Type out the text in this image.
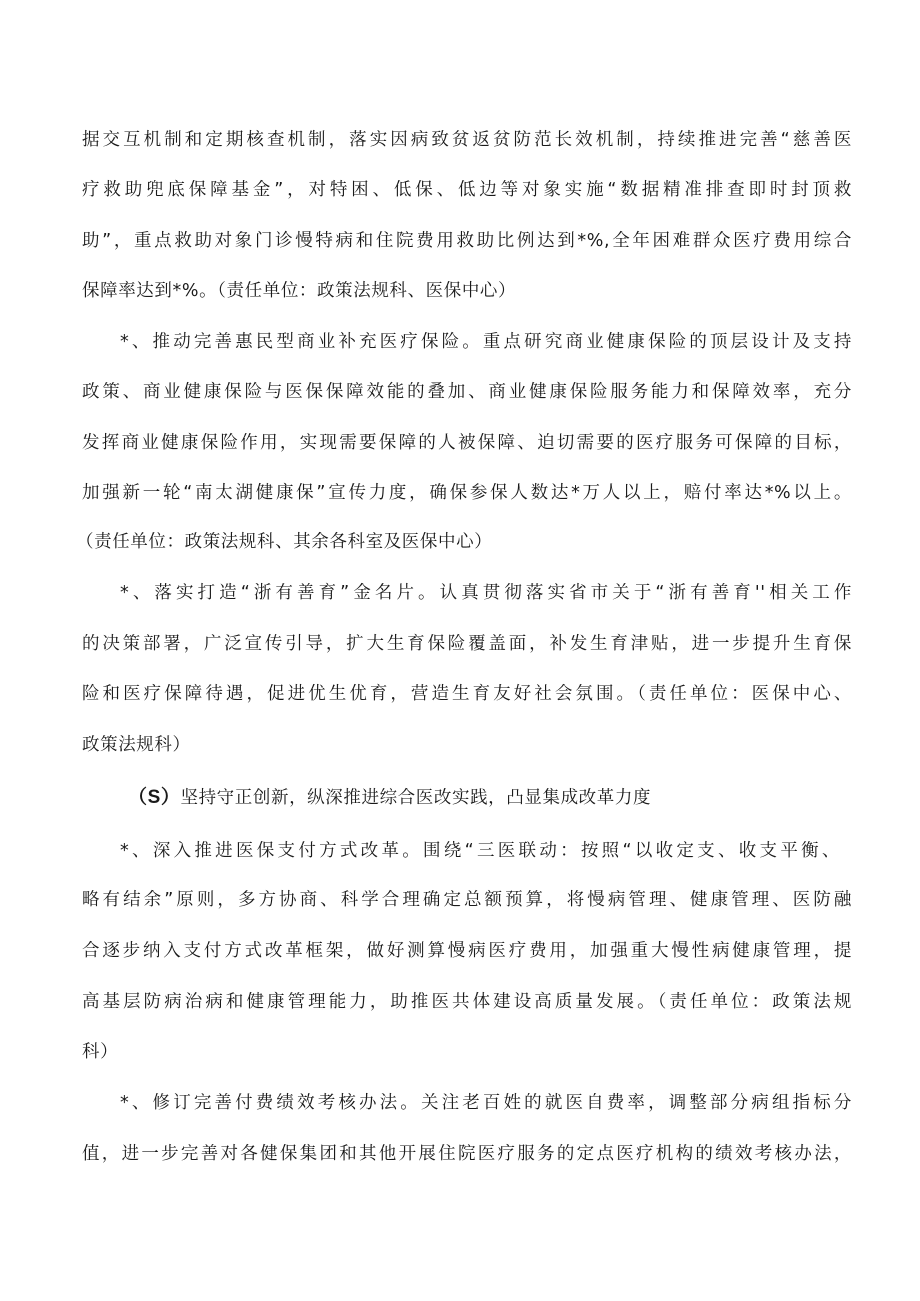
据交互机制和定期核查机制，落实因病致贫返贫防范长效机制，持续推进完善“慈善医
疗救助兜底保障基金”，对特困、低保、低边等对象实施“数据精准排查即时封顶救
助”，重点救助对象门诊慢特病和住院费用救助比例达到*%,全年困难群众医疗费用综合
保障率达到*%。（责任单位：政策法规科、医保中心）
*、推动完善惠民型商业补充医疗保险。重点研究商业健康保险的顶层设计及支持
政策、商业健康保险与医保保障效能的叠加、商业健康保险服务能力和保障效率，充分
发挥商业健康保险作用，实现需要保障的人被保障、迫切需要的医疗服务可保障的目标，
加强新一轮“南太湖健康保”宣传力度，确保参保人数达*万人以上，赔付率达*%以上。
（责任单位：政策法规科、其余各科室及医保中心）
*、落实打造“浙有善育”金名片。认真贯彻落实省市关于“浙有善育''相关工作
的决策部署，广泛宣传引导，扩大生育保险覆盖面，补发生育津贴，进一步提升生育保
险和医疗保障待遇，促进优生优育，营造生育友好社会氛围。（责任单位：医保中心、
政策法规科）
（S）坚持守正创新，纵深推进综合医改实践，凸显集成改革力度
*、深入推进医保支付方式改革。围绕“三医联动：按照“以收定支、收支平衡、
略有结余”原则，多方协商、科学合理确定总额预算，将慢病管理、健康管理、医防融
合逐步纳入支付方式改革框架，做好测算慢病医疗费用，加强重大慢性病健康管理，提
高基层防病治病和健康管理能力，助推医共体建设高质量发展。（责任单位：政策法规
科）
*、修订完善付费绩效考核办法。关注老百姓的就医自费率，调整部分病组指标分
值，进一步完善对各健保集团和其他开展住院医疗服务的定点医疗机构的绩效考核办法，
